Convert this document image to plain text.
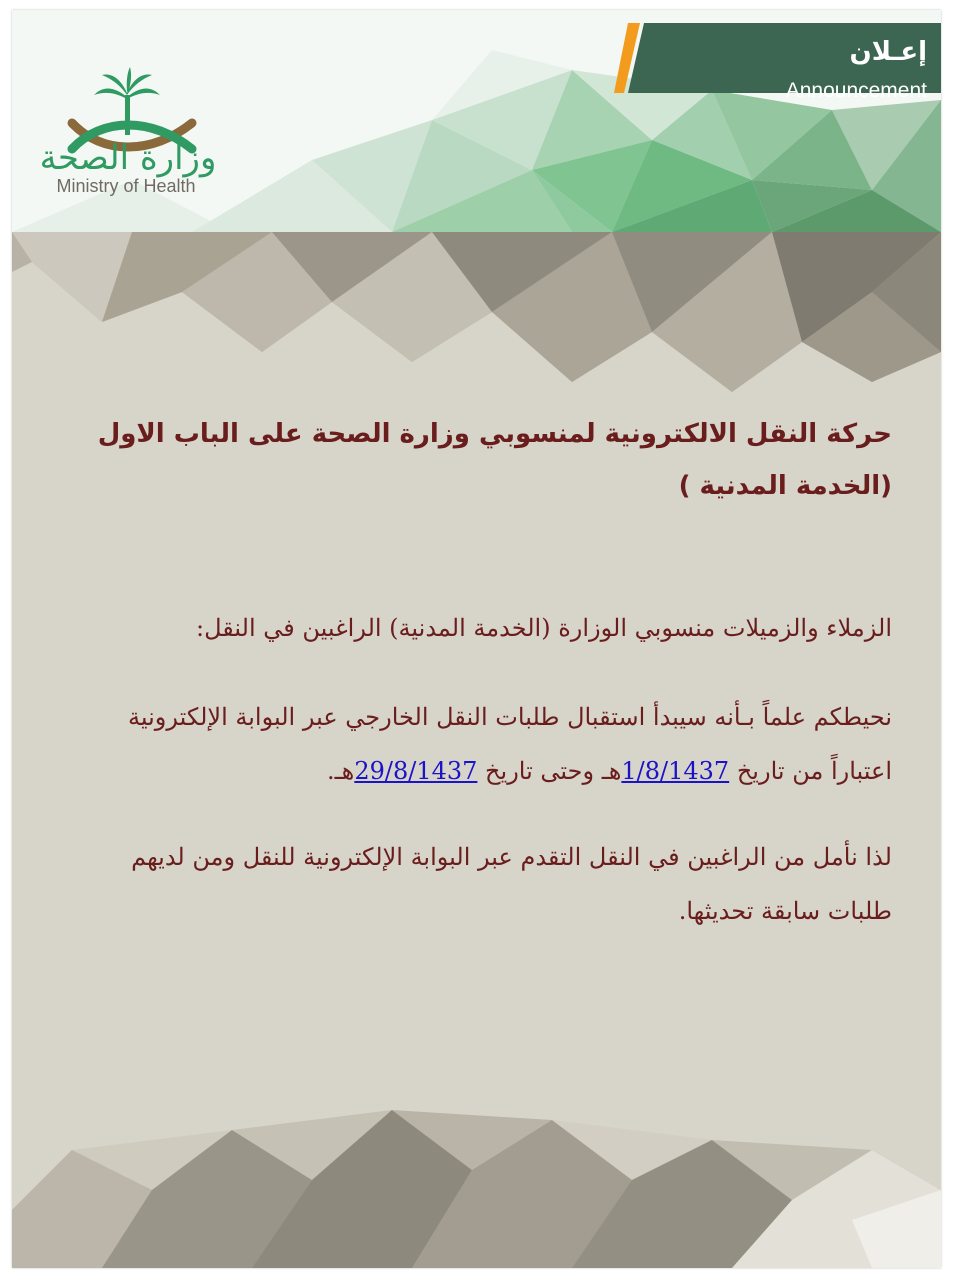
إعـلان
Announcement
وزارة الصحة
Ministry of Health
حركة النقل الالكترونية لمنسوبي وزارة الصحة على الباب الاول (الخدمة المدنية )
الزملاء والزميلات منسوبي الوزارة (الخدمة المدنية) الراغبين في النقل:
نحيطكم علماً بـأنه سيبدأ استقبال طلبات النقل الخارجي عبر البوابة الإلكترونية اعتباراً من تاريخ 1/8/1437هـ وحتى تاريخ 29/8/1437هـ.
لذا نأمل من الراغبين في النقل التقدم عبر البوابة الإلكترونية للنقل ومن لديهم طلبات سابقة تحديثها.
